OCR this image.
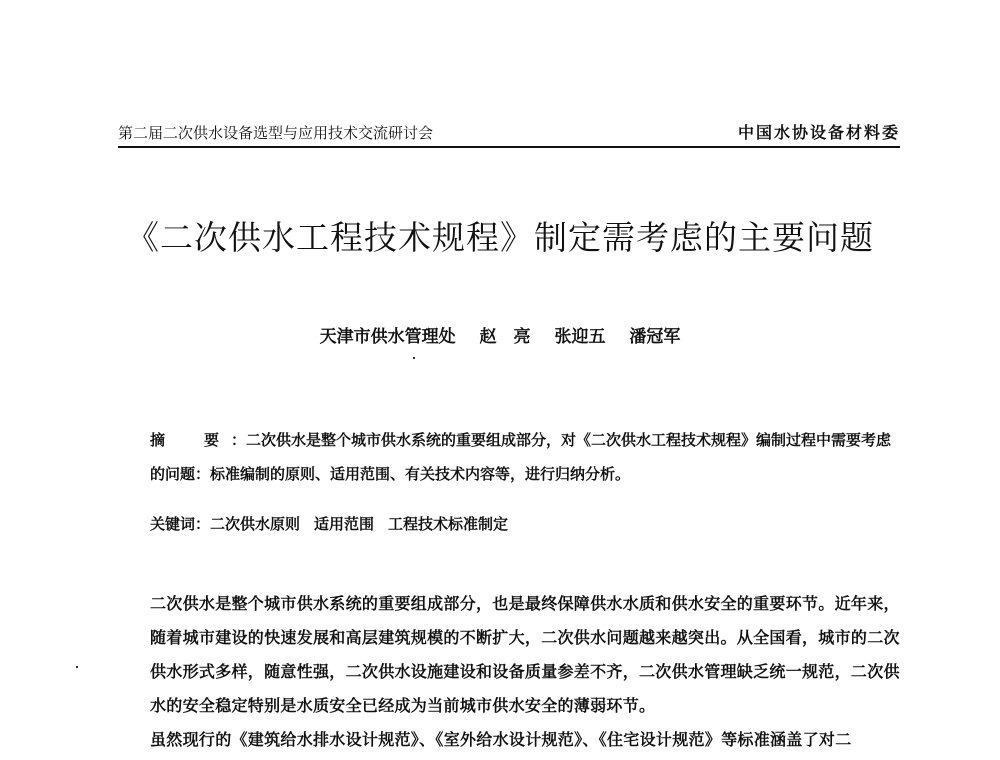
第二届二次供水设备选型与应用技术交流研讨会	中国水协设备材料委
《二次供水工程技术规程》制定需考虑的主要问题
天津市供水管理处 赵　亮 张迎五 潘冠军
摘　要：二次供水是整个城市供水系统的重要组成部分，对《二次供水工程技术规程》编制过程中需要考虑的问题：标准编制的原则、适用范围、有关技术内容等，进行归纳分析。
关键词：二次供水原则 适用范围 工程技术标准制定

二次供水是整个城市供水系统的重要组成部分，也是最终保障供水水质和供水安全的重要环节。近年来，随着城市建设的快速发展和高层建筑规模的不断扩大，二次供水问题越来越突出。从全国看，城市的二次供水形式多样，随意性强，二次供水设施建设和设备质量参差不齐，二次供水管理缺乏统一规范，二次供水的安全稳定特别是水质安全已经成为当前城市供水安全的薄弱环节。

虽然现行的《建筑给水排水设计规范》、《室外给水设计规范》、《住宅设计规范》等标准涵盖了对二
